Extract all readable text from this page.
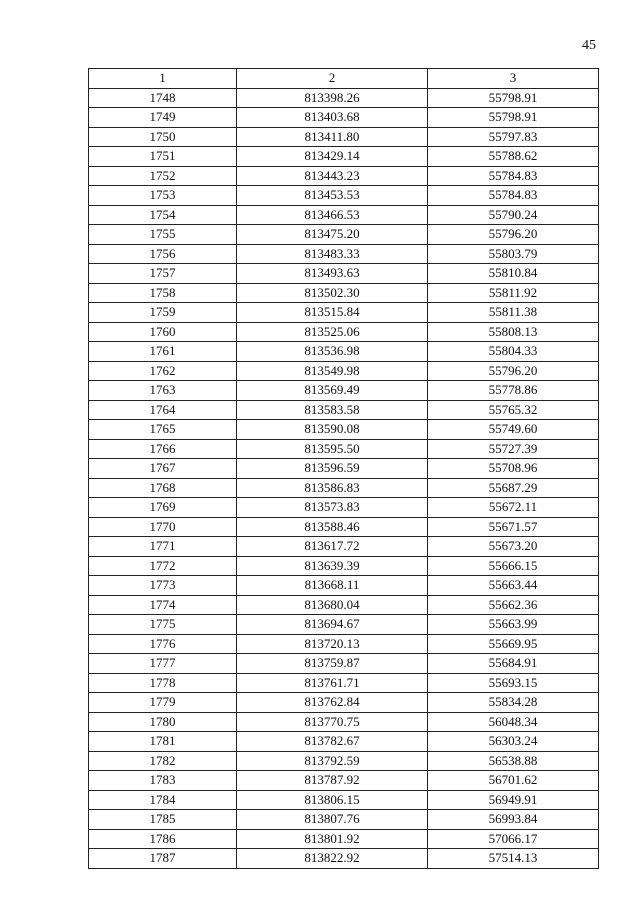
45
1	2	3
1748	813398.26	55798.91
1749	813403.68	55798.91
1750	813411.80	55797.83
1751	813429.14	55788.62
1752	813443.23	55784.83
1753	813453.53	55784.83
1754	813466.53	55790.24
1755	813475.20	55796.20
1756	813483.33	55803.79
1757	813493.63	55810.84
1758	813502.30	55811.92
1759	813515.84	55811.38
1760	813525.06	55808.13
1761	813536.98	55804.33
1762	813549.98	55796.20
1763	813569.49	55778.86
1764	813583.58	55765.32
1765	813590.08	55749.60
1766	813595.50	55727.39
1767	813596.59	55708.96
1768	813586.83	55687.29
1769	813573.83	55672.11
1770	813588.46	55671.57
1771	813617.72	55673.20
1772	813639.39	55666.15
1773	813668.11	55663.44
1774	813680.04	55662.36
1775	813694.67	55663.99
1776	813720.13	55669.95
1777	813759.87	55684.91
1778	813761.71	55693.15
1779	813762.84	55834.28
1780	813770.75	56048.34
1781	813782.67	56303.24
1782	813792.59	56538.88
1783	813787.92	56701.62
1784	813806.15	56949.91
1785	813807.76	56993.84
1786	813801.92	57066.17
1787	813822.92	57514.13
